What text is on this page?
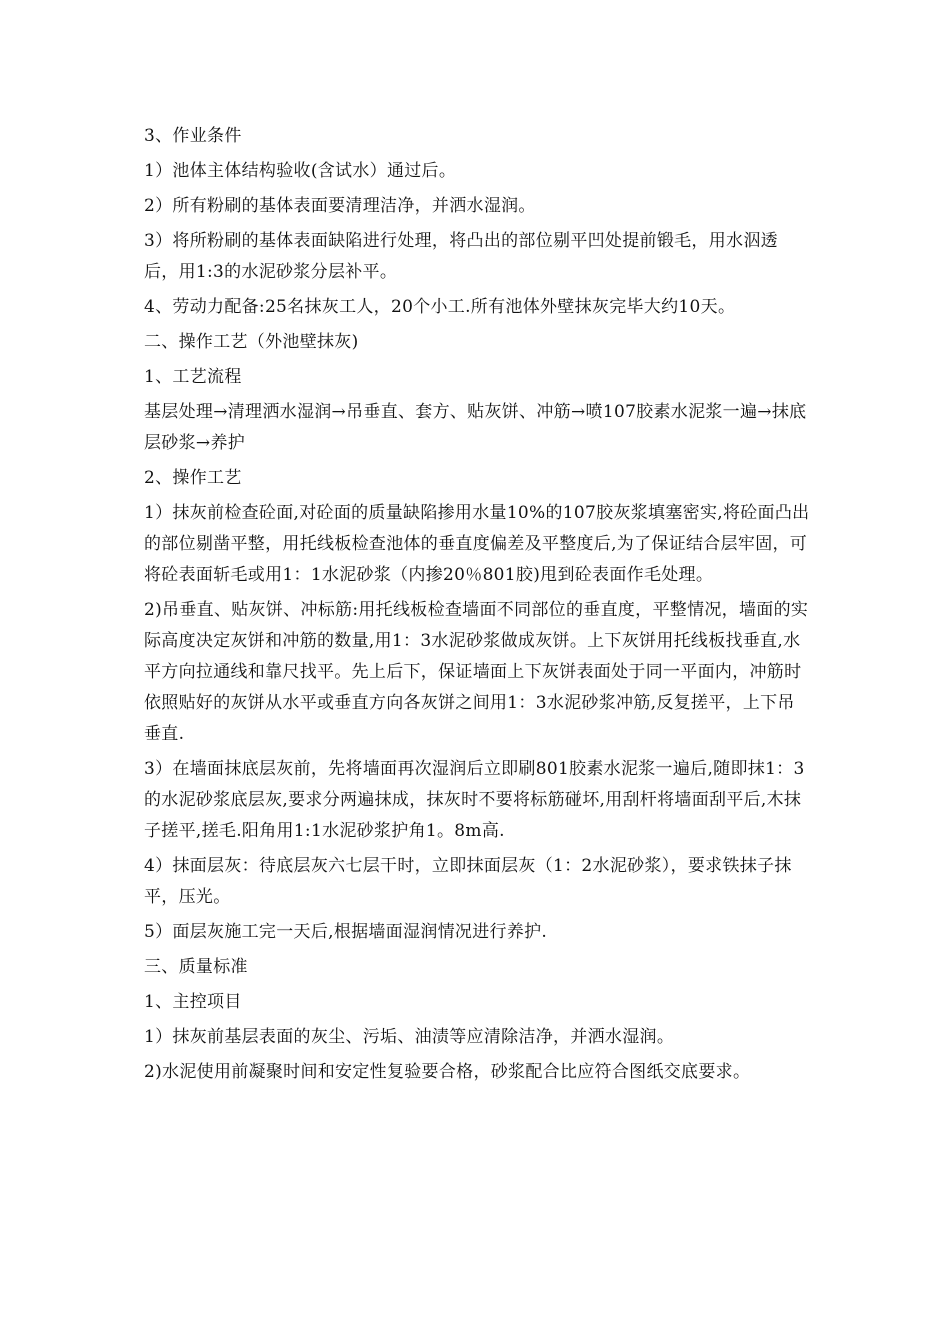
3、作业条件

1）池体主体结构验收(含试水）通过后。

2）所有粉刷的基体表面要清理洁净，并洒水湿润。

3）将所粉刷的基体表面缺陷进行处理，将凸出的部位剔平凹处提前锻毛，用水泅透后，用1:3的水泥砂浆分层补平。

4、劳动力配备:25名抹灰工人，20个小工.所有池体外壁抹灰完毕大约10天。

二、操作工艺（外池壁抹灰)

1、工艺流程

基层处理→清理洒水湿润→吊垂直、套方、贴灰饼、冲筋→喷107胶素水泥浆一遍→抹底层砂浆→养护

2、操作工艺

1）抹灰前检查砼面,对砼面的质量缺陷掺用水量10%的107胶灰浆填塞密实,将砼面凸出的部位剔凿平整，用托线板检查池体的垂直度偏差及平整度后,为了保证结合层牢固，可将砼表面斩毛或用1：1水泥砂浆（内掺20％801胶)甩到砼表面作毛处理。

2)吊垂直、贴灰饼、冲标筋:用托线板检查墙面不同部位的垂直度，平整情况，墙面的实际高度决定灰饼和冲筋的数量,用1：3水泥砂浆做成灰饼。上下灰饼用托线板找垂直,水平方向拉通线和靠尺找平。先上后下，保证墙面上下灰饼表面处于同一平面内，冲筋时依照贴好的灰饼从水平或垂直方向各灰饼之间用1：3水泥砂浆冲筋,反复搓平，上下吊垂直.

3）在墙面抹底层灰前，先将墙面再次湿润后立即刷801胶素水泥浆一遍后,随即抹1：3的水泥砂浆底层灰,要求分两遍抹成，抹灰时不要将标筋碰坏,用刮杆将墙面刮平后,木抹子搓平,搓毛.阳角用1:1水泥砂浆护角1。8m高.

4）抹面层灰：待底层灰六七层干时，立即抹面层灰（1：2水泥砂浆），要求铁抹子抹平，压光。

5）面层灰施工完一天后,根据墙面湿润情况进行养护.

三、质量标准

1、主控项目

1）抹灰前基层表面的灰尘、污垢、油渍等应清除洁净，并洒水湿润。

2)水泥使用前凝聚时间和安定性复验要合格，砂浆配合比应符合图纸交底要求。
